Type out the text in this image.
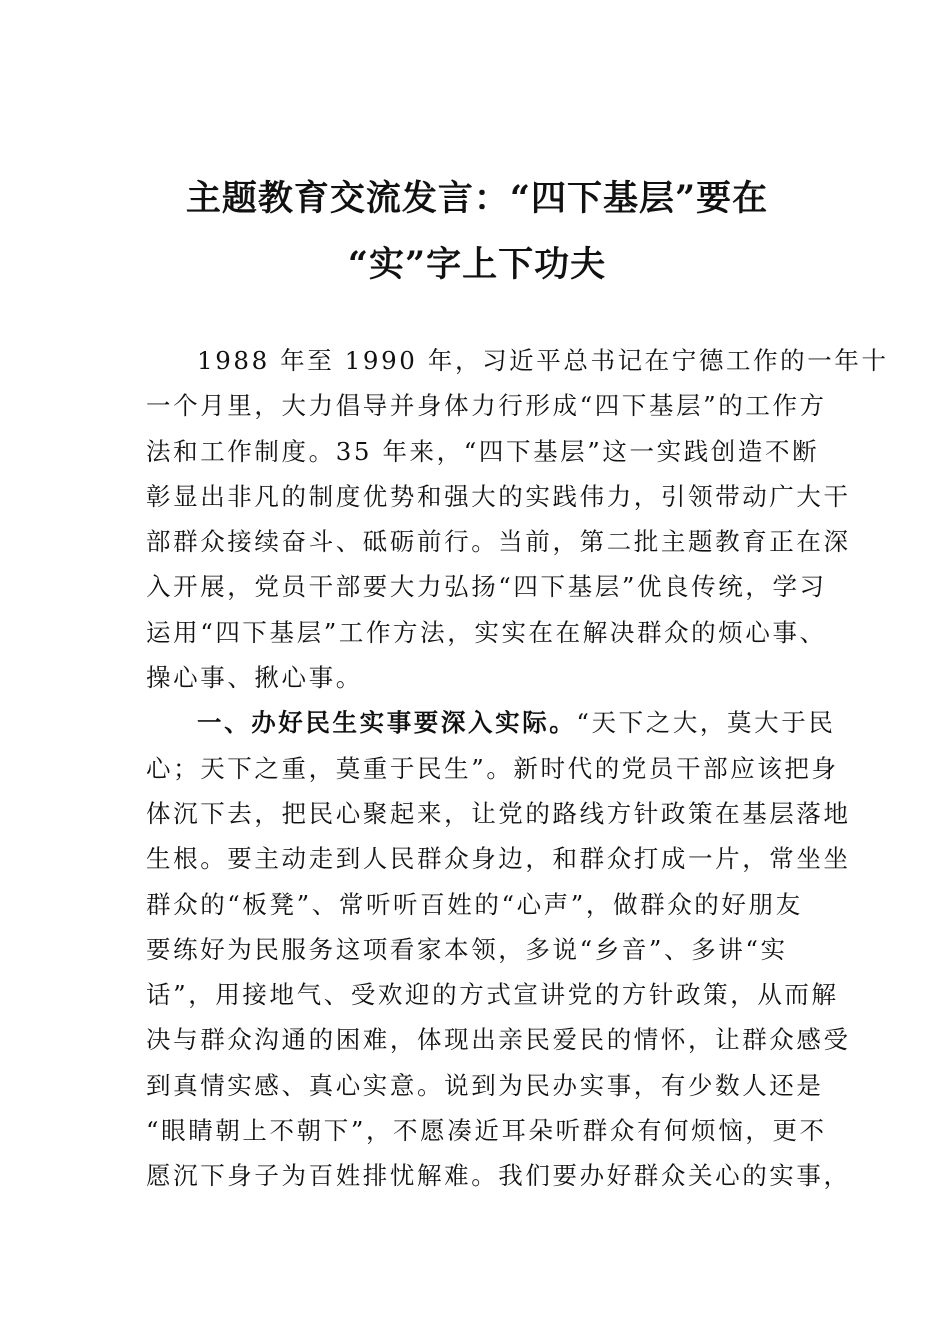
主题教育交流发言：“四下基层”要在
“实”字上下功夫
1988 年至 1990 年，习近平总书记在宁德工作的一年十
一个月里，大力倡导并身体力行形成“四下基层”的工作方
法和工作制度。35 年来，“四下基层”这一实践创造不断
彰显出非凡的制度优势和强大的实践伟力，引领带动广大干
部群众接续奋斗、砥砺前行。当前，第二批主题教育正在深
入开展，党员干部要大力弘扬“四下基层”优良传统，学习
运用“四下基层”工作方法，实实在在解决群众的烦心事、
操心事、揪心事。
一、办好民生实事要深入实际。“天下之大，莫大于民
心；天下之重，莫重于民生”。新时代的党员干部应该把身
体沉下去，把民心聚起来，让党的路线方针政策在基层落地
生根。要主动走到人民群众身边，和群众打成一片，常坐坐
群众的“板凳”、常听听百姓的“心声”，做群众的好朋友
要练好为民服务这项看家本领，多说“乡音”、多讲“实
话”，用接地气、受欢迎的方式宣讲党的方针政策，从而解
决与群众沟通的困难，体现出亲民爱民的情怀，让群众感受
到真情实感、真心实意。说到为民办实事，有少数人还是
“眼睛朝上不朝下”，不愿凑近耳朵听群众有何烦恼，更不
愿沉下身子为百姓排忧解难。我们要办好群众关心的实事，
